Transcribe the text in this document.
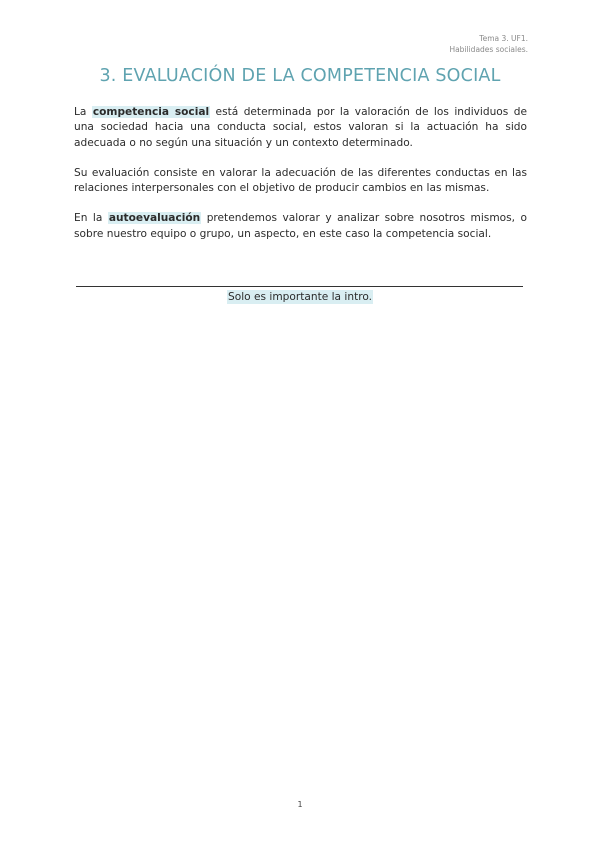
Tema 3. UF1.
Habilidades sociales.
3. EVALUACIÓN DE LA COMPETENCIA SOCIAL

La competencia social está determinada por la valoración de los individuos de una sociedad hacia una conducta social, estos valoran si la actuación ha sido adecuada o no según una situación y un contexto determinado.

Su evaluación consiste en valorar la adecuación de las diferentes conductas en las relaciones interpersonales con el objetivo de producir cambios en las mismas.

En la autoevaluación pretendemos valorar y analizar sobre nosotros mismos, o sobre nuestro equipo o grupo, un aspecto, en este caso la competencia social.

Solo es importante la intro.
1
